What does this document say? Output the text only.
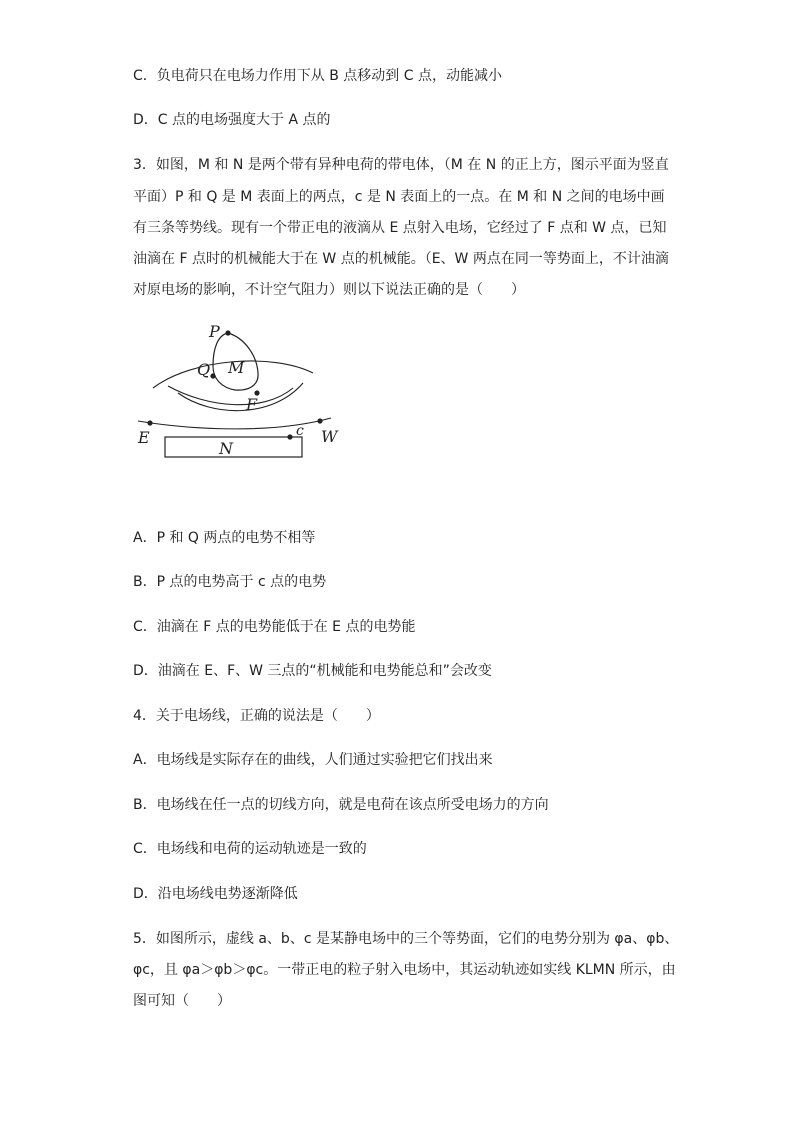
C．负电荷只在电场力作用下从 B 点移动到 C 点，动能减小
D．C 点的电场强度大于 A 点的
3．如图，M 和 N 是两个带有异种电荷的带电体，（M 在 N 的正上方，图示平面为竖直
平面）P 和 Q 是 M 表面上的两点，c 是 N 表面上的一点。在 M 和 N 之间的电场中画
有三条等势线。现有一个带正电的液滴从 E 点射入电场，它经过了 F 点和 W 点，已知
油滴在 F 点时的机械能大于在 W 点的机械能。（E、W 两点在同一等势面上，不计油滴
对原电场的影响，不计空气阻力）则以下说法正确的是（　　）
P
Q M
F
E
N
c W
A．P 和 Q 两点的电势不相等
B．P 点的电势高于 c 点的电势
C．油滴在 F 点的电势能低于在 E 点的电势能
D．油滴在 E、F、W 三点的“机械能和电势能总和”会改变
4．关于电场线，正确的说法是（　　）
A．电场线是实际存在的曲线，人们通过实验把它们找出来
B．电场线在任一点的切线方向，就是电荷在该点所受电场力的方向
C．电场线和电荷的运动轨迹是一致的
D．沿电场线电势逐渐降低
5．如图所示，虚线 a、b、c 是某静电场中的三个等势面，它们的电势分别为 φa、φb、
φc，且 φa＞φb＞φc。一带正电的粒子射入电场中，其运动轨迹如实线 KLMN 所示，由
图可知（　　）
